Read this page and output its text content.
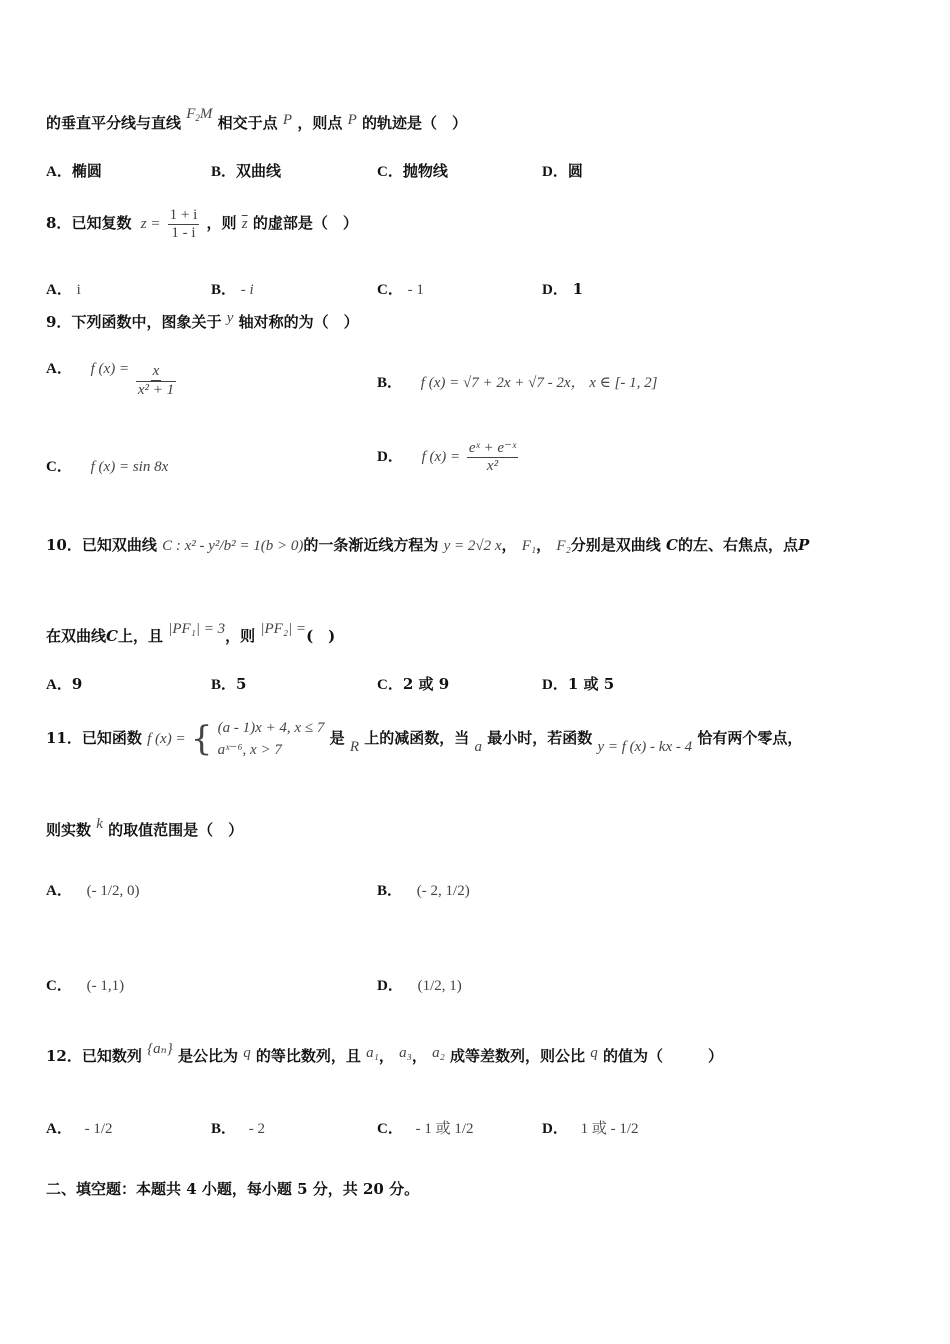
的垂直平分线与直线 $F_2M$ 相交于点 P ，则点 P 的轨迹是（　）
A．椭圆	B．双曲线	C．抛物线	D．圆
8．已知复数 $z = \frac{1 + i}{1 - i}$ ，则 $\overline{z}$ 的虚部是（　）
A． i	B． - i	C． - 1	D． 1
9．下列函数中，图象关于 y 轴对称的为（　）
A． f $(x) = \frac{x}{\text{x² + 1}}$	B． f (x) = √7 + 2x + √7 - 2x， x ∈ [- 1, 2]
C． f (x) = sin 8x
D． f $(x) = \frac{\text{eˣ + e⁻ˣ}}{\text{x²}}$
10．已知双曲线 C : x² - y²/b² = 1(b > 0)的一条渐近线方程为 y = 2√2 x， F₁， F₂分别是双曲线 C的左、右焦点，点P
在双曲线C上，且 |PF₁| = 3，则 |PF₂| =(　)
A．9	B．5	C．2 或 9	D．1 或 5
11．已知函数 f (x) = { (a - 1)x + 4, x ≤ 7
aˣ⁻⁶, x > 7
是 R 上的减函数，当 a 最小时，若函数 y = f (x) - kx - 4 恰有两个零点，
则实数 k 的取值范围是（　）
A． (- 1/2, 0)	B． (- 2, 1/2)
C． (- 1,1)	D． (1/2, 1)
12．已知数列 {aₙ} 是公比为 q 的等比数列，且 a₁， a₃， a₂ 成等差数列，则公比 q 的值为（　　　）
A． - 1/2	B． - 2	C． - 1 或 1/2	D． 1 或 - 1/2
二、填空题：本题共 4 小题，每小题 5 分，共 20 分。
